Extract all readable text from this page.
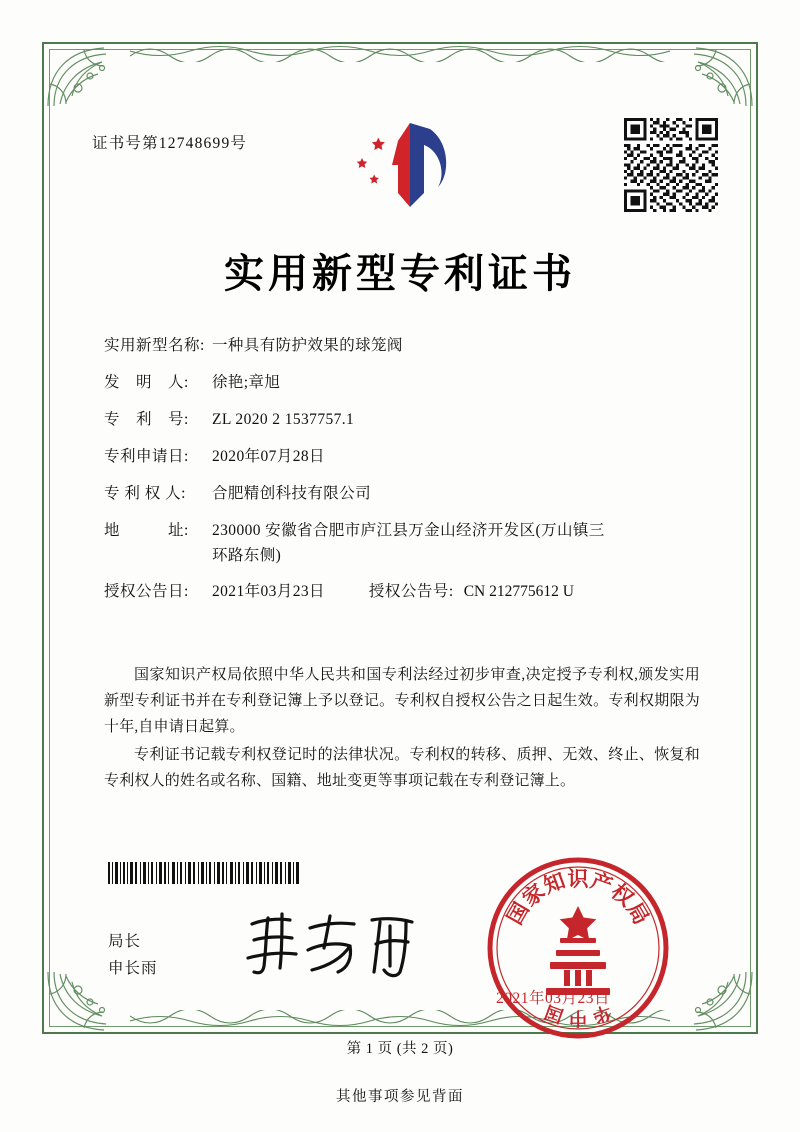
证书号第12748699号
实用新型专利证书
实用新型名称: 一种具有防护效果的球笼阀
发　明　人:	徐艳;章旭
专　利　号:	ZL 2020 2 1537757.1
专利申请日:	2020年07月28日
专 利 权 人:	合肥精创科技有限公司
地　　　址:	230000 安徽省合肥市庐江县万金山经济开发区(万山镇三
环路东侧)
授权公告日:	2021年03月23日	授权公告号: CN 212775612 U

国家知识产权局依照中华人民共和国专利法经过初步审查,决定授予专利权,颁发实用新型专利证书并在专利登记簿上予以登记。专利权自授权公告之日起生效。专利权期限为十年,自申请日起算。

专利证书记载专利权登记时的法律状况。专利权的转移、质押、无效、终止、恢复和专利权人的姓名或名称、国籍、地址变更等事项记载在专利登记簿上。

局长
申长雨
国
家
知 识 产
权
局
国 中 华
2021年03月23日
第 1 页 (共 2 页)
其他事项参见背面
